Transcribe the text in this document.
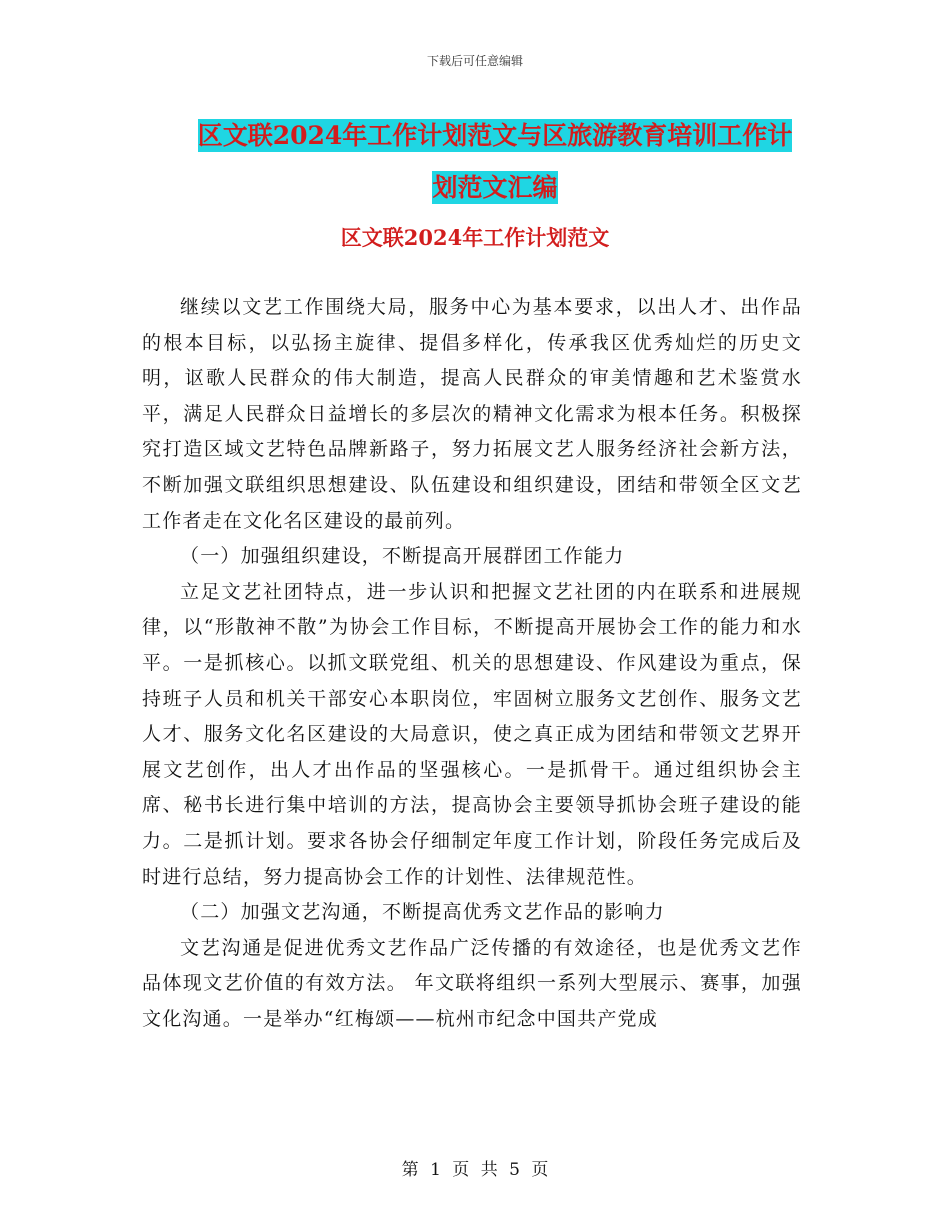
下载后可任意编辑
区文联2024年工作计划范文与区旅游教育培训工作计
划范文汇编
区文联2024年工作计划范文

继续以文艺工作围绕大局，服务中心为基本要求，以出人才、出作品的根本目标，以弘扬主旋律、提倡多样化，传承我区优秀灿烂的历史文明，讴歌人民群众的伟大制造，提高人民群众的审美情趣和艺术鉴赏水平，满足人民群众日益增长的多层次的精神文化需求为根本任务。积极探究打造区域文艺特色品牌新路子，努力拓展文艺人服务经济社会新方法，不断加强文联组织思想建设、队伍建设和组织建设，团结和带领全区文艺工作者走在文化名区建设的最前列。

（一）加强组织建设，不断提高开展群团工作能力

立足文艺社团特点，进一步认识和把握文艺社团的内在联系和进展规律，以“形散神不散”为协会工作目标，不断提高开展协会工作的能力和水平。一是抓核心。以抓文联党组、机关的思想建设、作风建设为重点，保持班子人员和机关干部安心本职岗位，牢固树立服务文艺创作、服务文艺人才、服务文化名区建设的大局意识，使之真正成为团结和带领文艺界开展文艺创作，出人才出作品的坚强核心。一是抓骨干。通过组织协会主席、秘书长进行集中培训的方法，提高协会主要领导抓协会班子建设的能力。二是抓计划。要求各协会仔细制定年度工作计划，阶段任务完成后及时进行总结，努力提高协会工作的计划性、法律规范性。

（二）加强文艺沟通，不断提高优秀文艺作品的影响力

文艺沟通是促进优秀文艺作品广泛传播的有效途径，也是优秀文艺作品体现文艺价值的有效方法。 年文联将组织一系列大型展示、赛事，加强文化沟通。一是举办“红梅颂——杭州市纪念中国共产党成

第 1 页 共 5 页
